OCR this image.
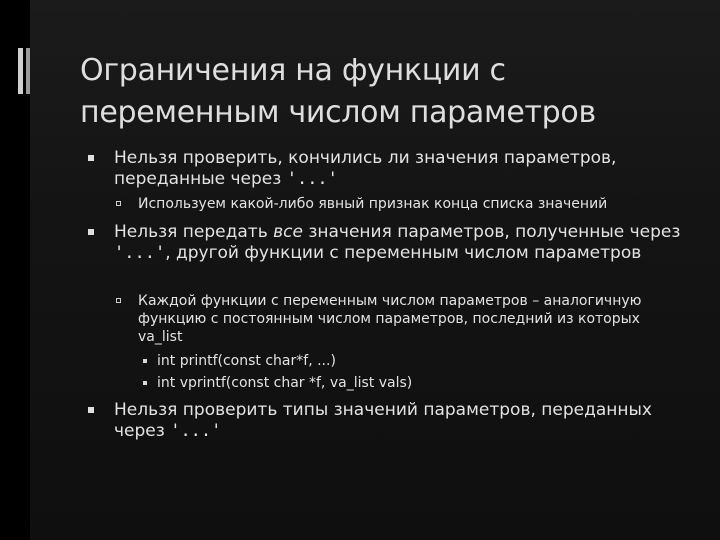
Ограничения на функции с переменным числом параметров
Нельзя проверить, кончились ли значения параметров, переданные через '...'
Используем какой-либо явный признак конца списка значений
Нельзя передать все значения параметров, полученные через '...', другой функции с переменным числом параметров
Каждой функции с переменным числом параметров – аналогичную функцию с постоянным числом параметров, последний из которых va_list
int printf(const char*f, ...)
int vprintf(const char *f, va_list vals)
Нельзя проверить типы значений параметров, переданных через '...'
